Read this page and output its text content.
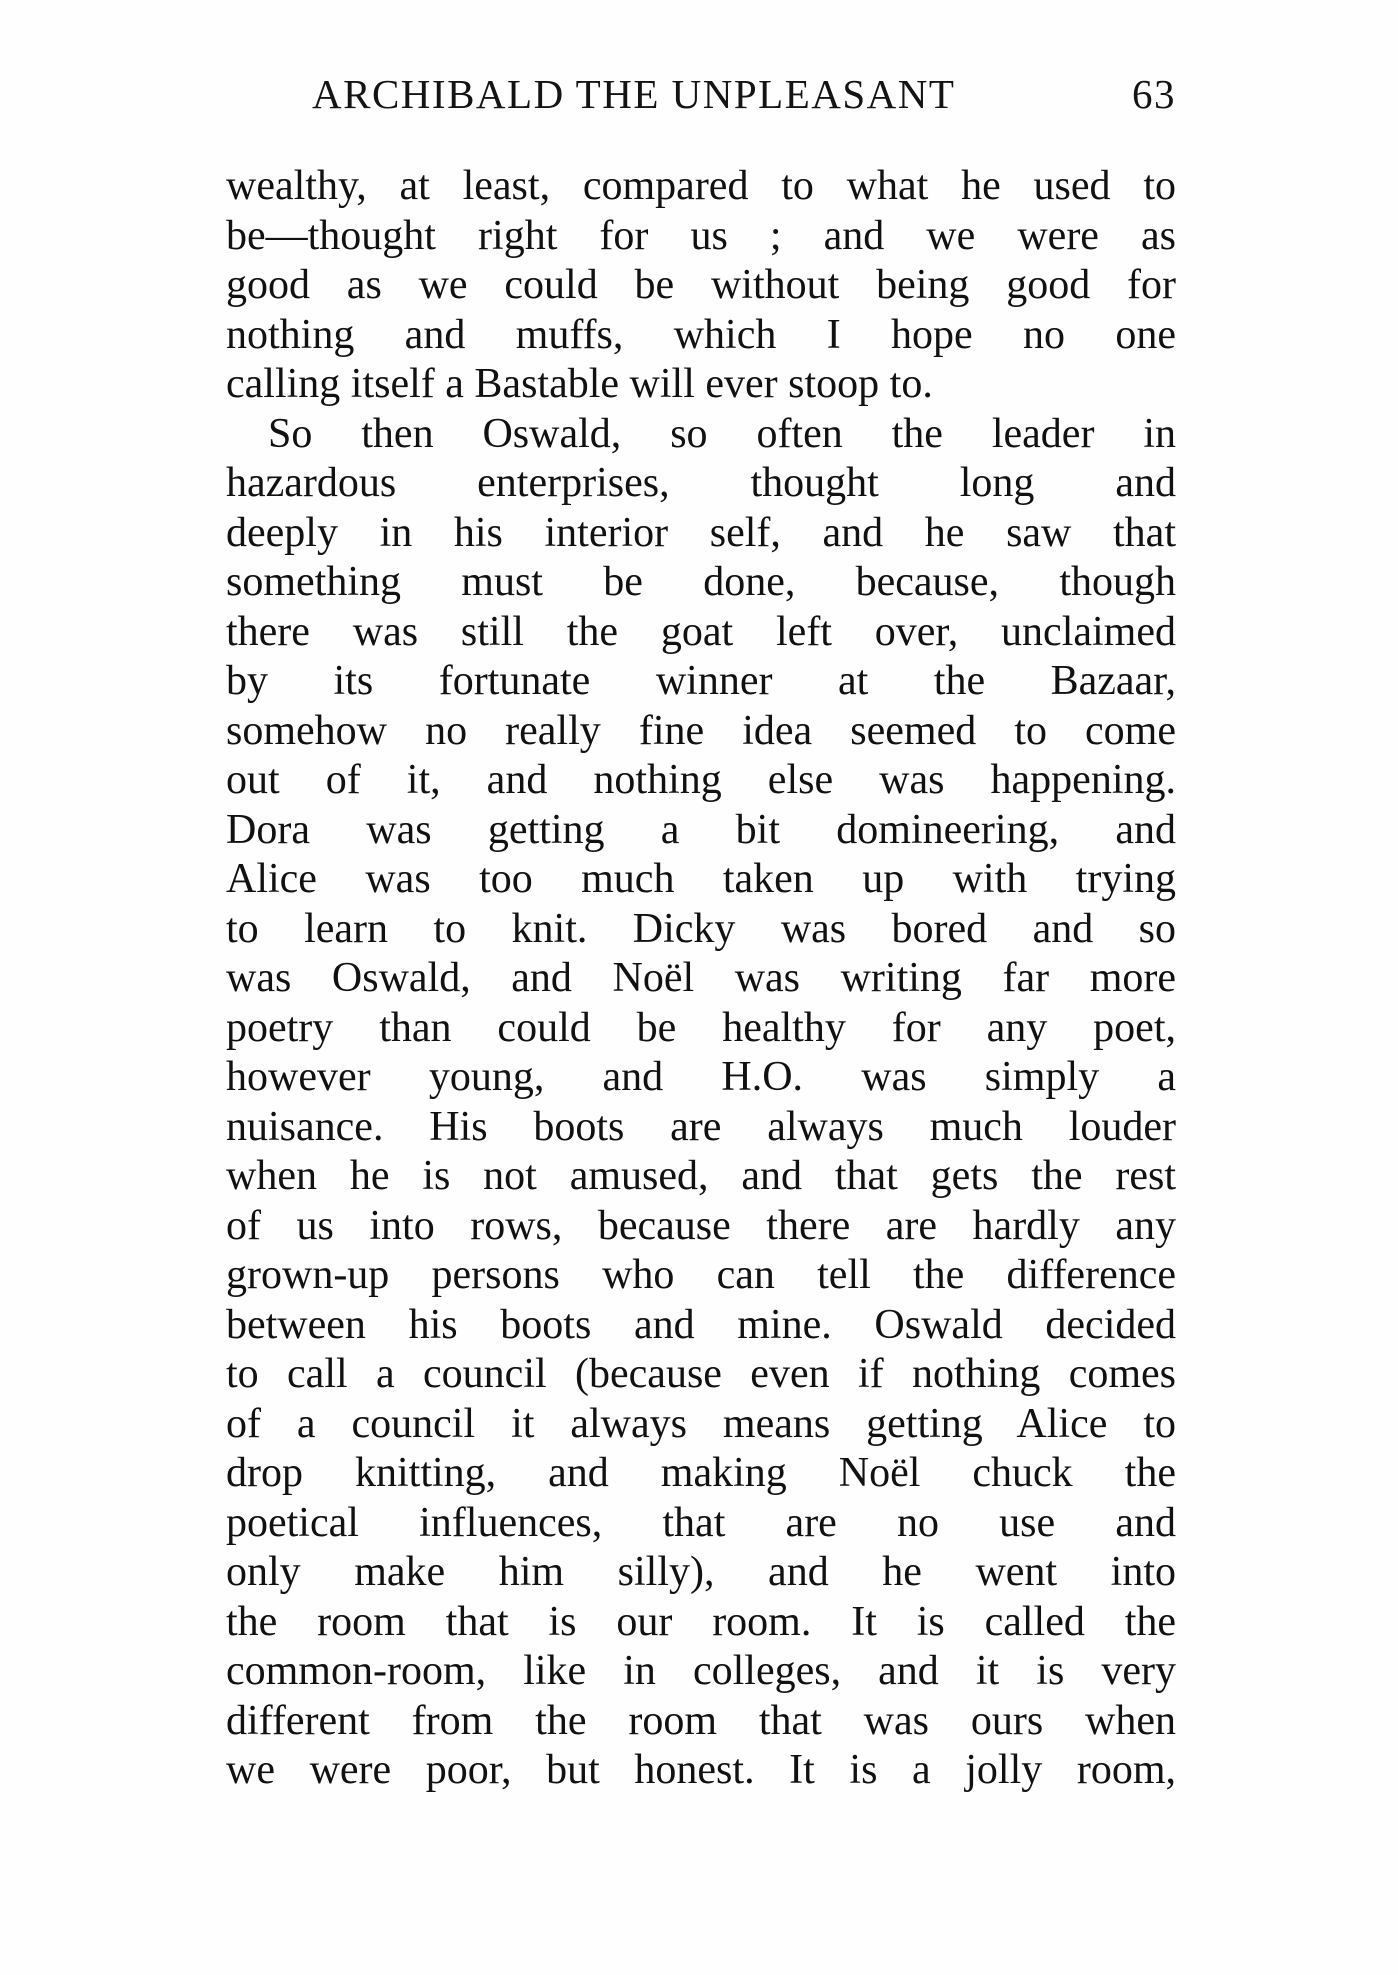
ARCHIBALD THE UNPLEASANT	63
wealthy, at least, compared to what he used to
be—thought right for us ; and we were as
good as we could be without being good for
nothing and muffs, which I hope no one
calling itself a Bastable will ever stoop to.
So then Oswald, so often the leader in
hazardous enterprises, thought long and
deeply in his interior self, and he saw that
something must be done, because, though
there was still the goat left over, unclaimed
by its fortunate winner at the Bazaar,
somehow no really fine idea seemed to come
out of it, and nothing else was happening.
Dora was getting a bit domineering, and
Alice was too much taken up with trying
to learn to knit. Dicky was bored and so
was Oswald, and Noël was writing far more
poetry than could be healthy for any poet,
however young, and H.O. was simply a
nuisance. His boots are always much louder
when he is not amused, and that gets the rest
of us into rows, because there are hardly any
grown-up persons who can tell the difference
between his boots and mine. Oswald decided
to call a council (because even if nothing comes
of a council it always means getting Alice to
drop knitting, and making Noël chuck the
poetical influences, that are no use and
only make him silly), and he went into
the room that is our room. It is called the
common-room, like in colleges, and it is very
different from the room that was ours when
we were poor, but honest. It is a jolly room,
